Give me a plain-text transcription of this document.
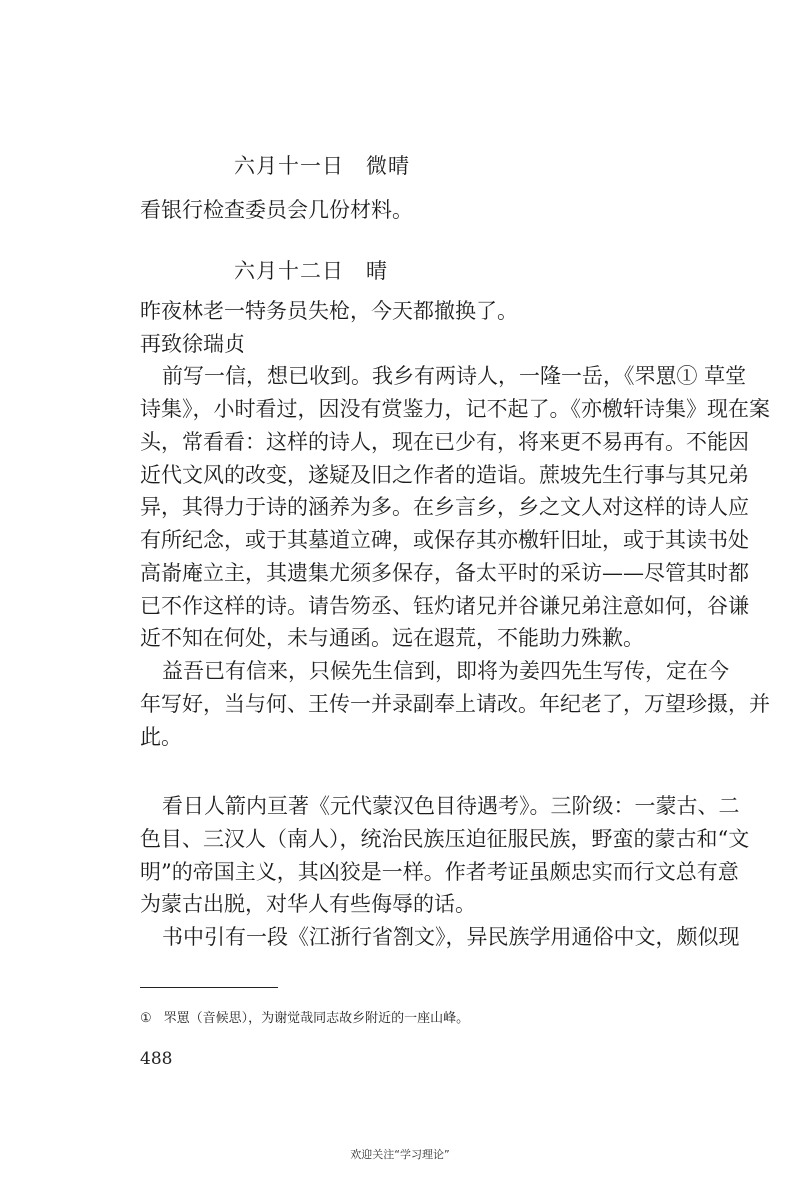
六月十一日 微晴
看银行检查委员会几份材料。
六月十二日 晴
昨夜林老一特务员失枪，今天都撤换了。
再致徐瑞贞
前写一信，想已收到。我乡有两诗人，一隆一岳，《罘罳① 草堂
诗集》，小时看过，因没有赏鉴力，记不起了。《亦檄轩诗集》现在案
头，常看看：这样的诗人，现在已少有，将来更不易再有。不能因
近代文风的改变，遂疑及旧之作者的造诣。蔗坡先生行事与其兄弟
异，其得力于诗的涵养为多。在乡言乡，乡之文人对这样的诗人应
有所纪念，或于其墓道立碑，或保存其亦檄轩旧址，或于其读书处
高嵛庵立主，其遗集尤须多保存，备太平时的采访——尽管其时都
已不作这样的诗。请告笏丞、钰灼诸兄并谷谦兄弟注意如何，谷谦
近不知在何处，未与通函。远在遐荒，不能助力殊歉。
益吾已有信来，只候先生信到，即将为姜四先生写传，定在今
年写好，当与何、王传一并录副奉上请改。年纪老了，万望珍摄，并
此。
看日人箭内亘著《元代蒙汉色目待遇考》。三阶级：一蒙古、二
色目、三汉人（南人），统治民族压迫征服民族，野蛮的蒙古和“文
明”的帝国主义，其凶狡是一样。作者考证虽颇忠实而行文总有意
为蒙古出脱，对华人有些侮辱的话。
书中引有一段《江浙行省劄文》，异民族学用通俗中文，颇似现
① 罘罳（音候思），为谢觉哉同志故乡附近的一座山峰。
488
欢迎关注“学习理论”
